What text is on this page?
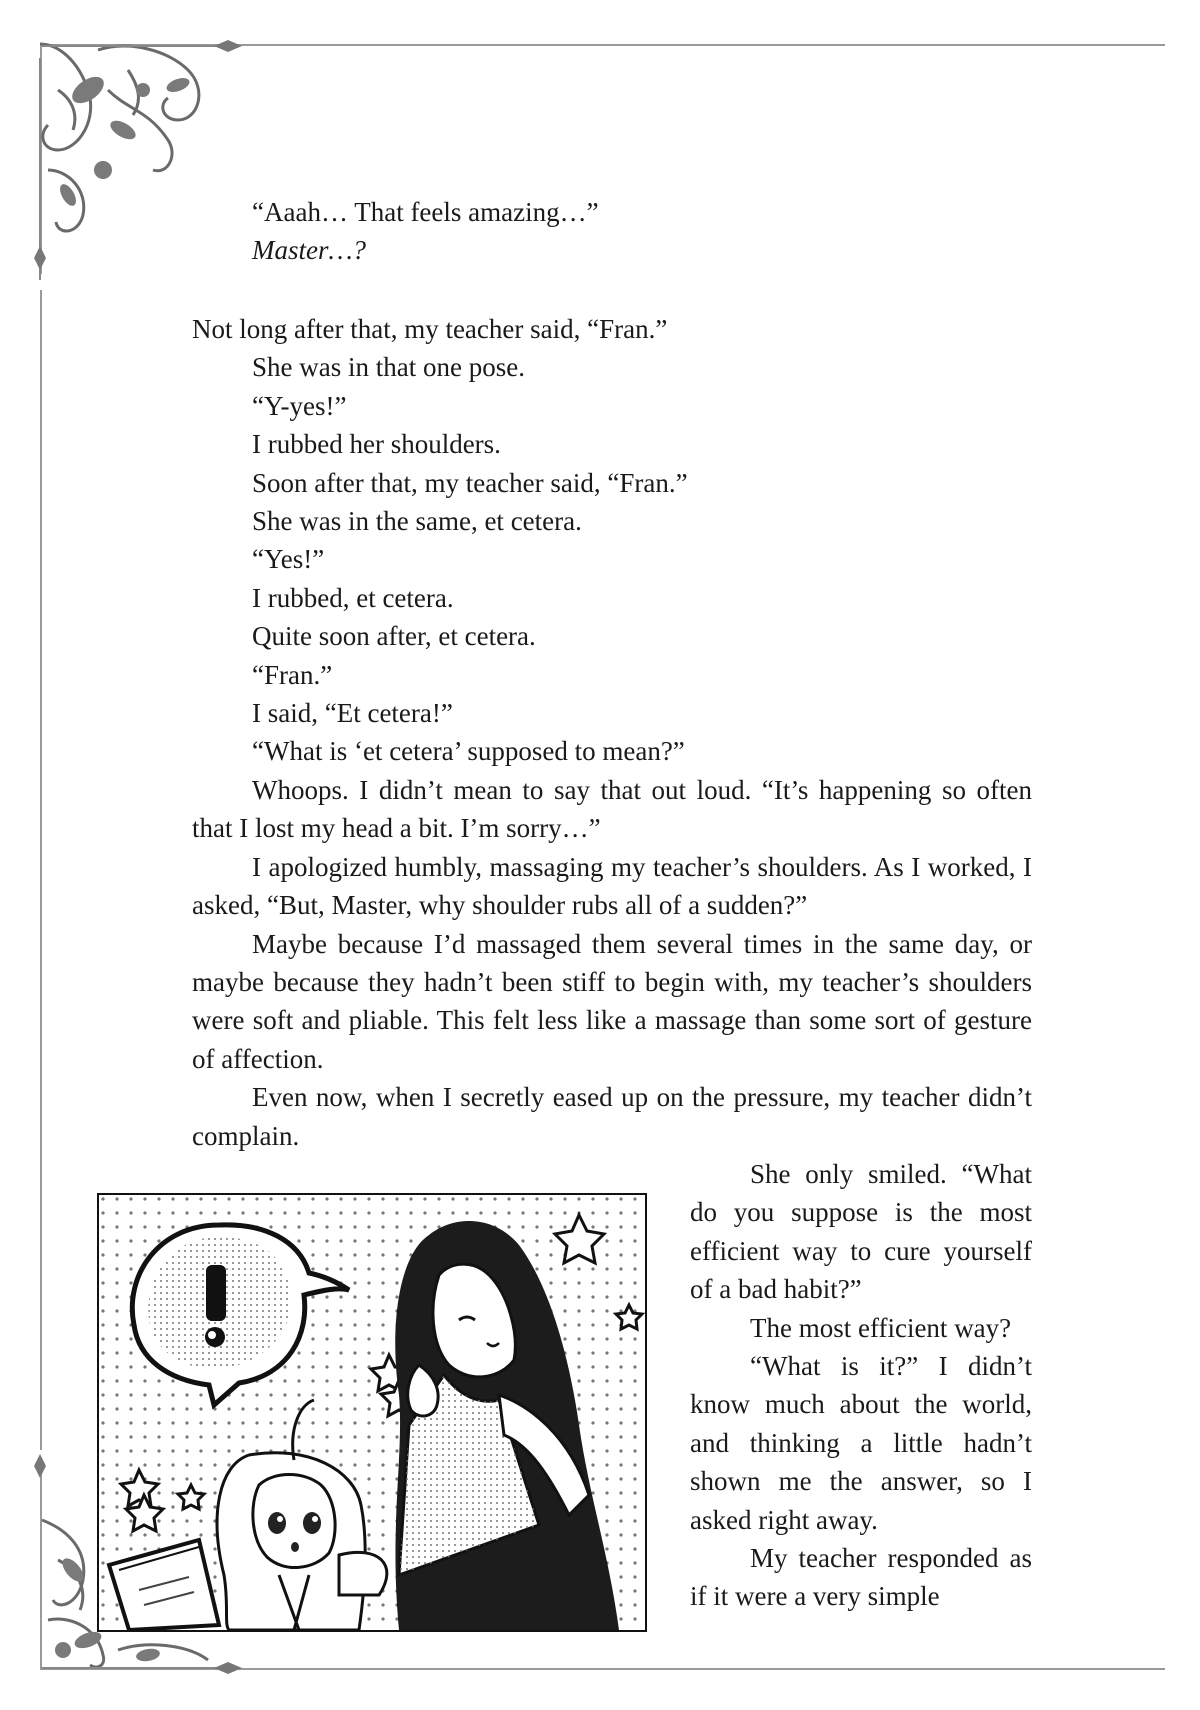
“Aaah… That feels amazing…”

Master…?

Not long after that, my teacher said, “Fran.”

She was in that one pose.

“Y-yes!”

I rubbed her shoulders.

Soon after that, my teacher said, “Fran.”

She was in the same, et cetera.

“Yes!”

I rubbed, et cetera.

Quite soon after, et cetera.

“Fran.”

I said, “Et cetera!”

“What is ‘et cetera’ supposed to mean?”

Whoops. I didn’t mean to say that out loud. “It’s happening so often that I lost my head a bit. I’m sorry…”

I apologized humbly, massaging my teacher’s shoulders. As I worked, I asked, “But, Master, why shoulder rubs all of a sudden?”

Maybe because I’d massaged them several times in the same day, or maybe because they hadn’t been stiff to begin with, my teacher’s shoulders were soft and pliable. This felt less like a massage than some sort of gesture of affection.

Even now, when I secretly eased up on the pressure, my teacher didn’t complain.

She only smiled. “What do you suppose is the most efficient way to cure yourself of a bad habit?”

The most efficient way?

“What is it?” I didn’t know much about the world, and thinking a little hadn’t shown me the answer, so I asked right away.

My teacher responded as if it were a very simple
